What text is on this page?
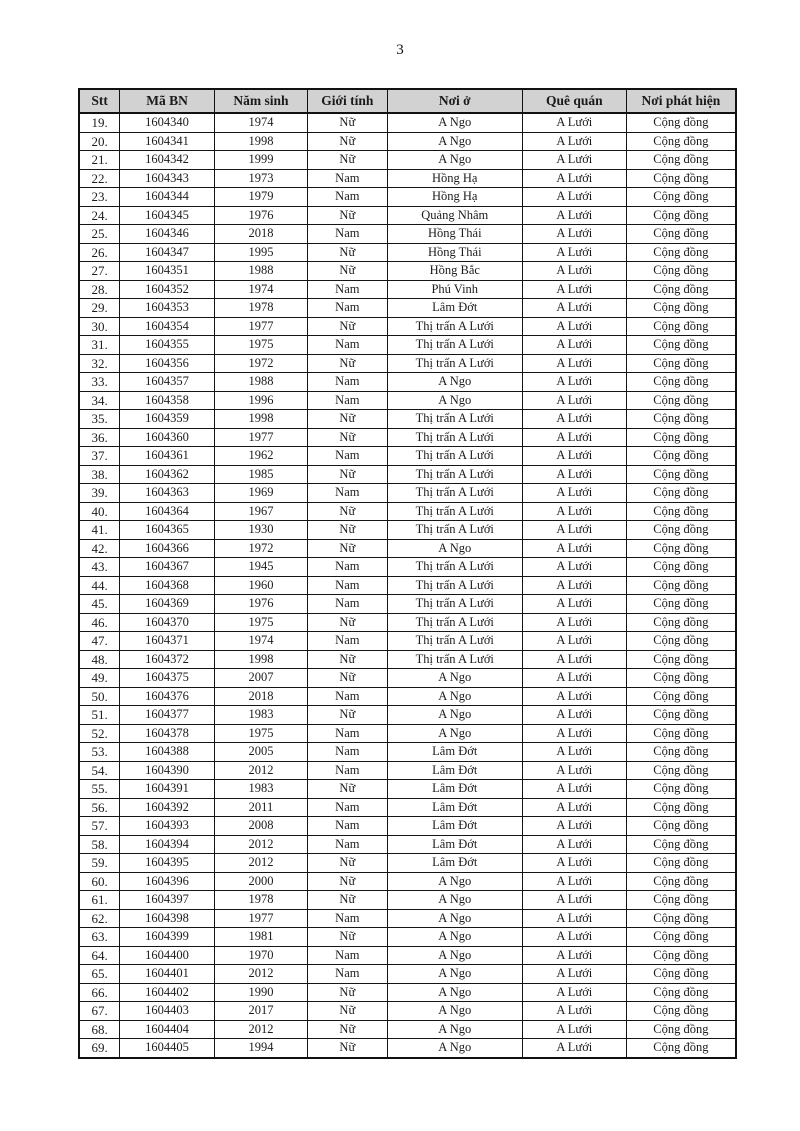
3
Stt	Mã BN	Năm sinh	Giới tính	Nơi ở	Quê quán	Nơi phát hiện
19.	1604340	1974	Nữ	A Ngo	A Lưới	Cộng đồng
20.	1604341	1998	Nữ	A Ngo	A Lưới	Cộng đồng
21.	1604342	1999	Nữ	A Ngo	A Lưới	Cộng đồng
22.	1604343	1973	Nam	Hồng Hạ	A Lưới	Cộng đồng
23.	1604344	1979	Nam	Hồng Hạ	A Lưới	Cộng đồng
24.	1604345	1976	Nữ	Quảng Nhâm	A Lưới	Cộng đồng
25.	1604346	2018	Nam	Hồng Thái	A Lưới	Cộng đồng
26.	1604347	1995	Nữ	Hồng Thái	A Lưới	Cộng đồng
27.	1604351	1988	Nữ	Hồng Bắc	A Lưới	Cộng đồng
28.	1604352	1974	Nam	Phú Vinh	A Lưới	Cộng đồng
29.	1604353	1978	Nam	Lâm Đớt	A Lưới	Cộng đồng
30.	1604354	1977	Nữ	Thị trấn A Lưới	A Lưới	Cộng đồng
31.	1604355	1975	Nam	Thị trấn A Lưới	A Lưới	Cộng đồng
32.	1604356	1972	Nữ	Thị trấn A Lưới	A Lưới	Cộng đồng
33.	1604357	1988	Nam	A Ngo	A Lưới	Cộng đồng
34.	1604358	1996	Nam	A Ngo	A Lưới	Cộng đồng
35.	1604359	1998	Nữ	Thị trấn A Lưới	A Lưới	Cộng đồng
36.	1604360	1977	Nữ	Thị trấn A Lưới	A Lưới	Cộng đồng
37.	1604361	1962	Nam	Thị trấn A Lưới	A Lưới	Cộng đồng
38.	1604362	1985	Nữ	Thị trấn A Lưới	A Lưới	Cộng đồng
39.	1604363	1969	Nam	Thị trấn A Lưới	A Lưới	Cộng đồng
40.	1604364	1967	Nữ	Thị trấn A Lưới	A Lưới	Cộng đồng
41.	1604365	1930	Nữ	Thị trấn A Lưới	A Lưới	Cộng đồng
42.	1604366	1972	Nữ	A Ngo	A Lưới	Cộng đồng
43.	1604367	1945	Nam	Thị trấn A Lưới	A Lưới	Cộng đồng
44.	1604368	1960	Nam	Thị trấn A Lưới	A Lưới	Cộng đồng
45.	1604369	1976	Nam	Thị trấn A Lưới	A Lưới	Cộng đồng
46.	1604370	1975	Nữ	Thị trấn A Lưới	A Lưới	Cộng đồng
47.	1604371	1974	Nam	Thị trấn A Lưới	A Lưới	Cộng đồng
48.	1604372	1998	Nữ	Thị trấn A Lưới	A Lưới	Cộng đồng
49.	1604375	2007	Nữ	A Ngo	A Lưới	Cộng đồng
50.	1604376	2018	Nam	A Ngo	A Lưới	Cộng đồng
51.	1604377	1983	Nữ	A Ngo	A Lưới	Cộng đồng
52.	1604378	1975	Nam	A Ngo	A Lưới	Cộng đồng
53.	1604388	2005	Nam	Lâm Đớt	A Lưới	Cộng đồng
54.	1604390	2012	Nam	Lâm Đớt	A Lưới	Cộng đồng
55.	1604391	1983	Nữ	Lâm Đớt	A Lưới	Cộng đồng
56.	1604392	2011	Nam	Lâm Đớt	A Lưới	Cộng đồng
57.	1604393	2008	Nam	Lâm Đớt	A Lưới	Cộng đồng
58.	1604394	2012	Nam	Lâm Đớt	A Lưới	Cộng đồng
59.	1604395	2012	Nữ	Lâm Đớt	A Lưới	Cộng đồng
60.	1604396	2000	Nữ	A Ngo	A Lưới	Cộng đồng
61.	1604397	1978	Nữ	A Ngo	A Lưới	Cộng đồng
62.	1604398	1977	Nam	A Ngo	A Lưới	Cộng đồng
63.	1604399	1981	Nữ	A Ngo	A Lưới	Cộng đồng
64.	1604400	1970	Nam	A Ngo	A Lưới	Cộng đồng
65.	1604401	2012	Nam	A Ngo	A Lưới	Cộng đồng
66.	1604402	1990	Nữ	A Ngo	A Lưới	Cộng đồng
67.	1604403	2017	Nữ	A Ngo	A Lưới	Cộng đồng
68.	1604404	2012	Nữ	A Ngo	A Lưới	Cộng đồng
69.	1604405	1994	Nữ	A Ngo	A Lưới	Cộng đồng
